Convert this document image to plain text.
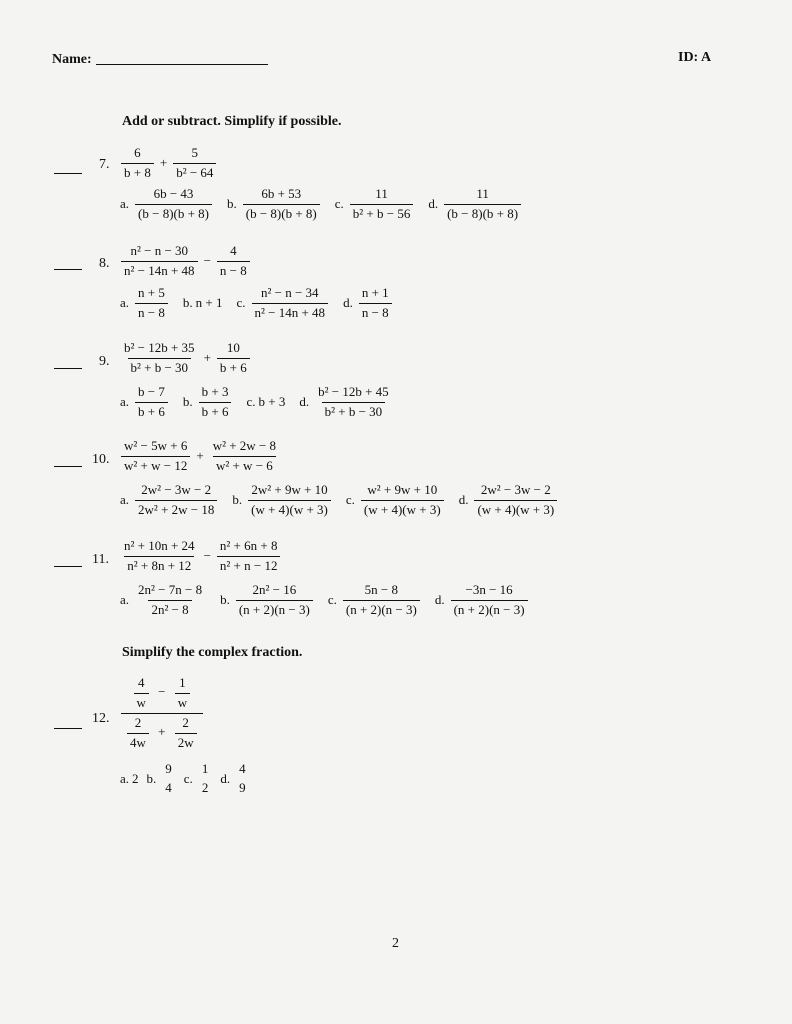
Name:	ID: A
Add or subtract. Simplify if possible.
7. $\frac{6}{b + 8} + \frac{5}{\text{b² − 64}}$
a. $\frac{6b - 43}{(b - 8)(b + 8)} b$. $\frac{6b + 53}{(b - 8)(b + 8)} c$. $\frac{11}{\text{b² + b − 56}} d$. $\frac{11}{(b - 8)(b + 8)}$
8. $\frac{\text{n² − n − 30}}{\text{n² − 14n + 48}} - \frac{4}{n - 8}$
a. $\frac{n + 5}{n - 8} b$. n + 1 c. $\frac{\text{n² − n − 34}}{\text{n² − 14n + 48}} d$. $\frac{n + 1}{n - 8}$
9. $\frac{\text{b² − 12b + 35}}{\text{b² + b − 30}} + \frac{10}{b + 6}$
a. $\frac{b - 7}{b + 6} b$. $\frac{b + 3}{b + 6} c$. b + 3 d. $\frac{\text{b² − 12b + 45}}{\text{b² + b − 30}}$
10. $\frac{\text{w² − 5w + 6}}{\text{w² + w − 12}} + \frac{\text{w² + 2w − 8}}{\text{w² + w − 6}}$
a. $\frac{\text{2w² − 3w − 2}}{\text{2w² + 2w − 18}} b$. $\frac{\text{2w² + 9w + 10}}{(w + 4)(w + 3)} c$. $\frac{\text{w² + 9w + 10}}{(w + 4)(w + 3)} d$. $\frac{\text{2w² − 3w − 2}}{(w + 4)(w + 3)}$
11. $\frac{\text{n² + 10n + 24}}{\text{n² + 8n + 12}} - \frac{\text{n² + 6n + 8}}{\text{n² + n − 12}}$
a. $\frac{\text{2n² − 7n − 8}}{\text{2n² − 8}} b$. $\frac{\text{2n² − 16}}{(n + 2)(n - 3)} c$. $\frac{5n - 8}{(n + 2)(n - 3)} d$. $\frac{-3n - 16}{(n + 2)(n - 3)}$
Simplify the complex fraction.
12. $\frac{\frac{4}{w} - \frac{1}{w}}{\frac{2}{4w} + \frac{2}{2w}}$
a. 2 b.
9
4
c.
1
2
d.
4
9
2
